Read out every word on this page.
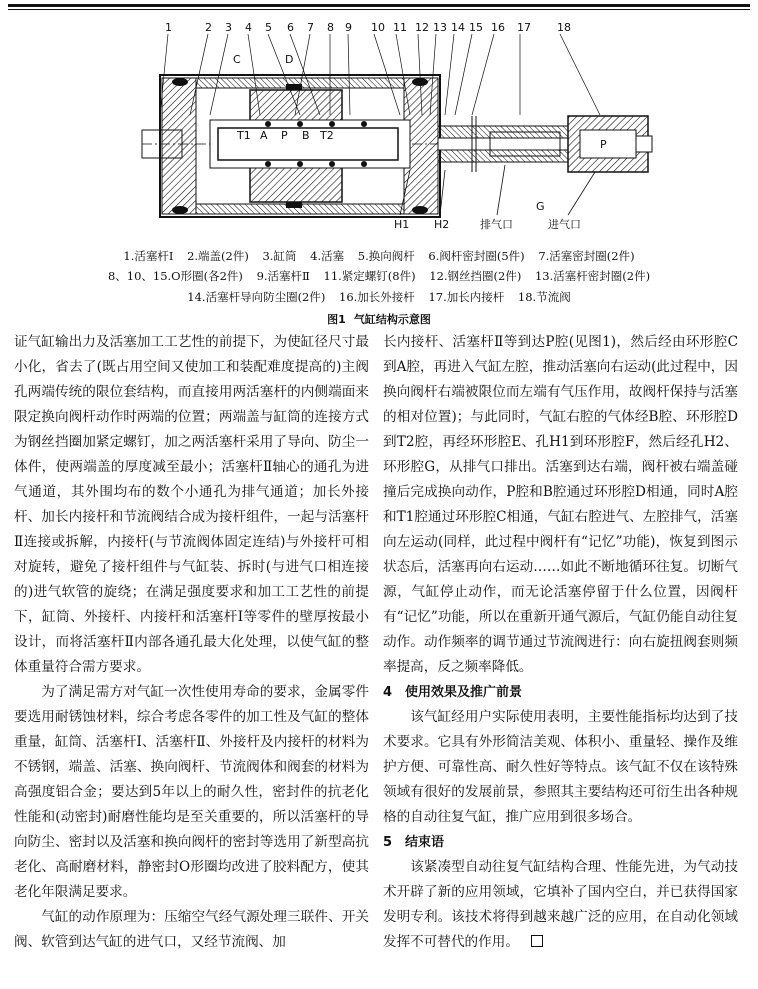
1	2 3 4 5 6 7 8 9 10 11 12 13 14 15 16 17 18
C	D
T1 A P B T2
P
G
H1 H2	排气口	进气口
1.活塞杆Ⅰ 2.端盖(2件) 3.缸筒 4.活塞 5.换向阀杆 6.阀杆密封圈(5件) 7.活塞密封圈(2件)
8、10、15.O形圈(各2件) 9.活塞杆Ⅱ 11.紧定螺钉(8件) 12.钢丝挡圈(2件) 13.活塞杆密封圈(2件)
14.活塞杆导向防尘圈(2件) 16.加长外接杆 17.加长内接杆 18.节流阀
图1 气缸结构示意图

证气缸输出力及活塞加工工艺性的前提下，为使缸径尺寸最小化，省去了(既占用空间又使加工和装配难度提高的)主阀孔两端传统的限位套结构，而直接用两活塞杆的内侧端面来限定换向阀杆动作时两端的位置；两端盖与缸筒的连接方式为钢丝挡圈加紧定螺钉，加之两活塞杆采用了导向、防尘一体件，使两端盖的厚度减至最小；活塞杆Ⅱ轴心的通孔为进气通道，其外围均布的数个小通孔为排气通道；加长外接杆、加长内接杆和节流阀结合成为接杆组件，一起与活塞杆Ⅱ连接或拆解，内接杆(与节流阀体固定连结)与外接杆可相对旋转，避免了接杆组件与气缸装、拆时(与进气口相连接的)进气软管的旋绕；在满足强度要求和加工工艺性的前提下，缸筒、外接杆、内接杆和活塞杆Ⅰ等零件的壁厚按最小设计，而将活塞杆Ⅱ内部各通孔最大化处理，以使气缸的整体重量符合需方要求。

为了满足需方对气缸一次性使用寿命的要求，金属零件要选用耐锈蚀材料，综合考虑各零件的加工性及气缸的整体重量，缸筒、活塞杆Ⅰ、活塞杆Ⅱ、外接杆及内接杆的材料为不锈钢，端盖、活塞、换向阀杆、节流阀体和阀套的材料为高强度铝合金；要达到5年以上的耐久性，密封件的抗老化性能和(动密封)耐磨性能均是至关重要的，所以活塞杆的导向防尘、密封以及活塞和换向阀杆的密封等选用了新型高抗老化、高耐磨材料，静密封O形圈均改进了胶料配方，使其老化年限满足要求。

气缸的动作原理为：压缩空气经气源处理三联件、开关阀、软管到达气缸的进气口，又经节流阀、加

长内接杆、活塞杆Ⅱ等到达P腔(见图1)，然后经由环形腔C到A腔，再进入气缸左腔，推动活塞向右运动(此过程中，因换向阀杆右端被限位而左端有气压作用，故阀杆保持与活塞的相对位置)；与此同时，气缸右腔的气体经B腔、环形腔D到T2腔，再经环形腔E、孔H1到环形腔F，然后经孔H2、环形腔G，从排气口排出。活塞到达右端，阀杆被右端盖碰撞后完成换向动作，P腔和B腔通过环形腔D相通，同时A腔和T1腔通过环形腔C相通，气缸右腔进气、左腔排气，活塞向左运动(同样，此过程中阀杆有“记忆”功能)，恢复到图示状态后，活塞再向右运动……如此不断地循环往复。切断气源，气缸停止动作，而无论活塞停留于什么位置，因阀杆有“记忆”功能，所以在重新开通气源后，气缸仍能自动往复动作。动作频率的调节通过节流阀进行：向右旋扭阀套则频率提高，反之频率降低。

4　使用效果及推广前景

该气缸经用户实际使用表明，主要性能指标均达到了技术要求。它具有外形简洁美观、体积小、重量轻、操作及维护方便、可靠性高、耐久性好等特点。该气缸不仅在该特殊领域有很好的发展前景，参照其主要结构还可衍生出各种规格的自动往复气缸，推广应用到很多场合。

5　结束语

该紧凑型自动往复气缸结构合理、性能先进，为气动技术开辟了新的应用领域，它填补了国内空白，并已获得国家发明专利。该技术将得到越来越广泛的应用，在自动化领域发挥不可替代的作用。
